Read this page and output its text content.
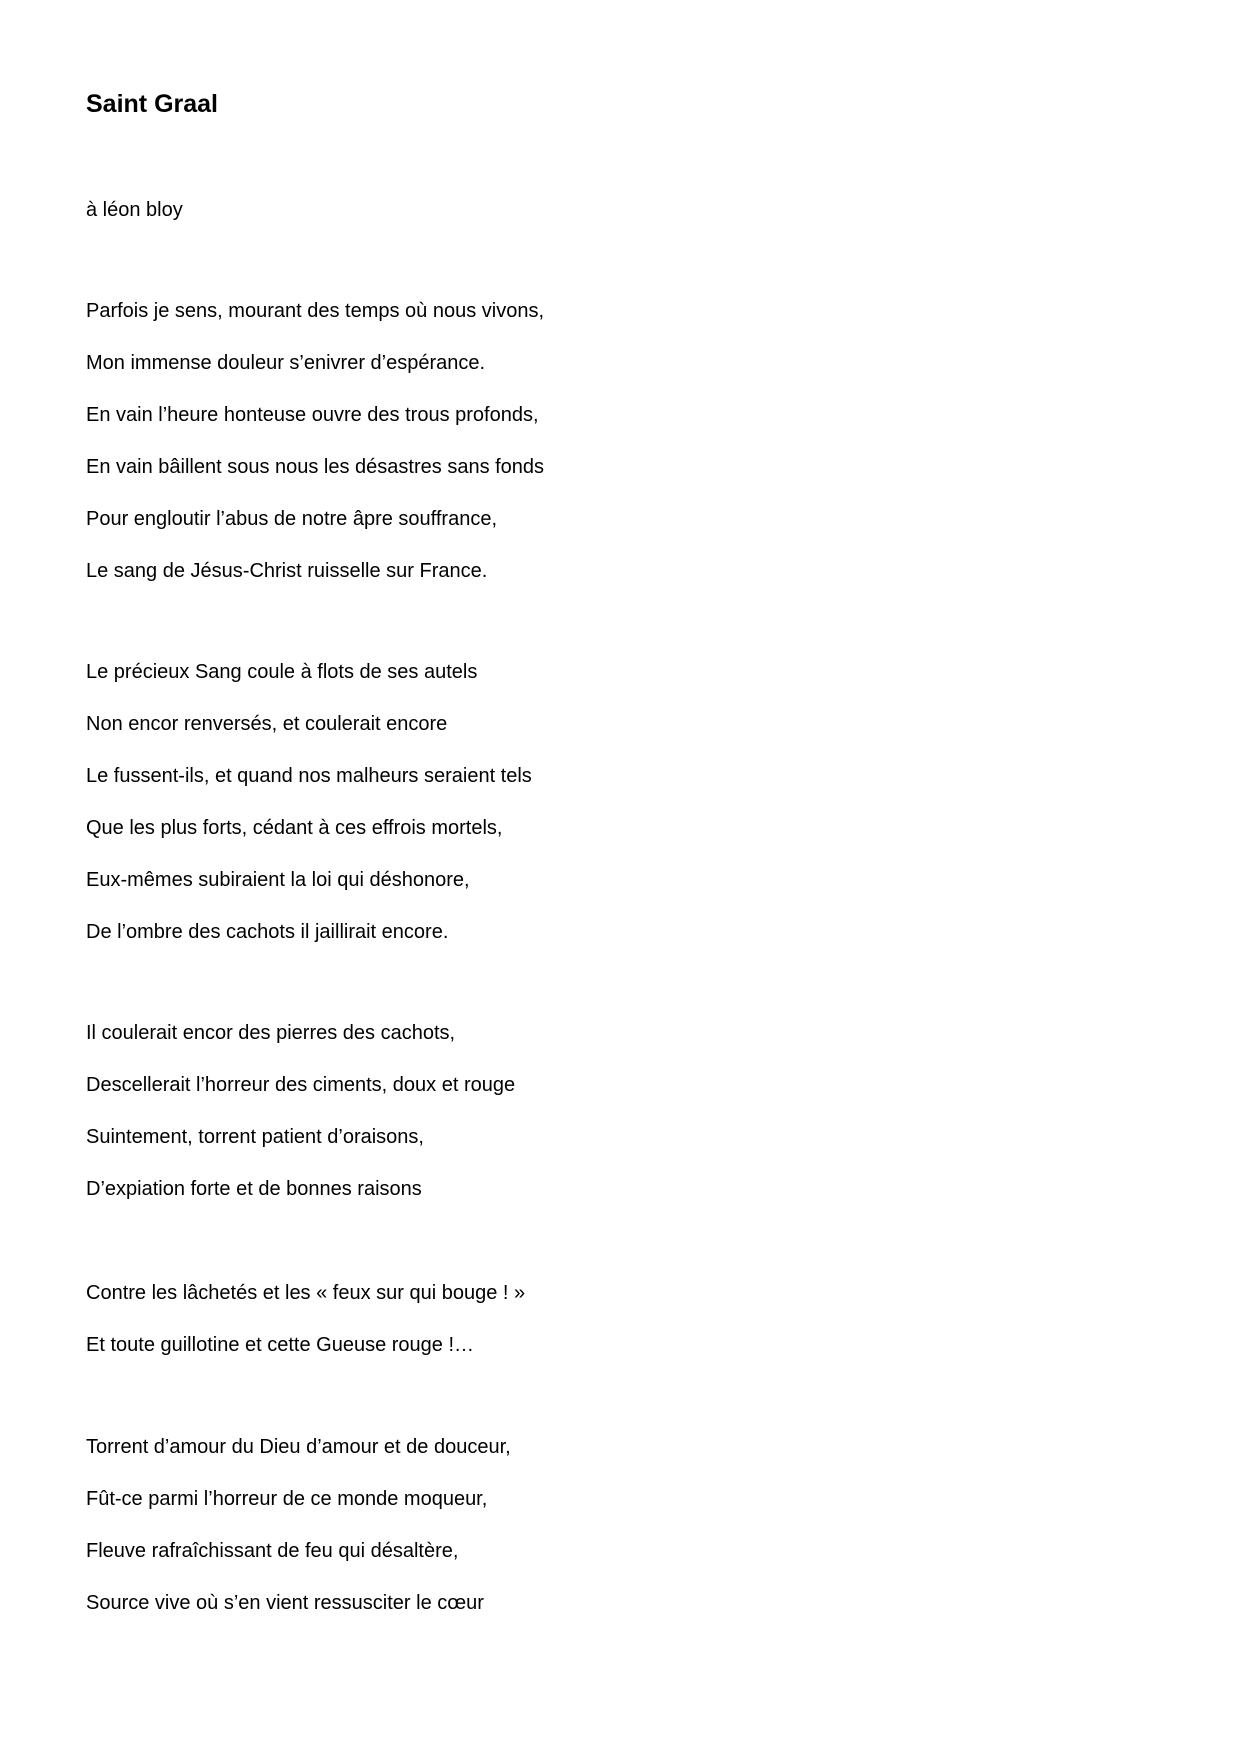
Saint Graal
à léon bloy
Parfois je sens, mourant des temps où nous vivons,
Mon immense douleur s’enivrer d’espérance.
En vain l’heure honteuse ouvre des trous profonds,
En vain bâillent sous nous les désastres sans fonds
Pour engloutir l’abus de notre âpre souffrance,
Le sang de Jésus-Christ ruisselle sur France.
Le précieux Sang coule à flots de ses autels
Non encor renversés, et coulerait encore
Le fussent-ils, et quand nos malheurs seraient tels
Que les plus forts, cédant à ces effrois mortels,
Eux-mêmes subiraient la loi qui déshonore,
De l’ombre des cachots il jaillirait encore.
Il coulerait encor des pierres des cachots,
Descellerait l’horreur des ciments, doux et rouge
Suintement, torrent patient d’oraisons,
D’expiation forte et de bonnes raisons
Contre les lâchetés et les « feux sur qui bouge ! »
Et toute guillotine et cette Gueuse rouge !…
Torrent d’amour du Dieu d’amour et de douceur,
Fût-ce parmi l’horreur de ce monde moqueur,
Fleuve rafraîchissant de feu qui désaltère,
Source vive où s’en vient ressusciter le cœur
